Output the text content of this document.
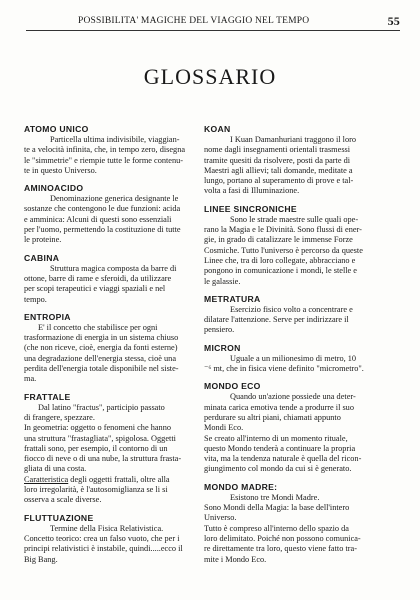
POSSIBILITA' MAGICHE DEL VIAGGIO NEL TEMPO	55
GLOSSARIO
ATOMO UNICO
Particella ultima indivisibile, viaggian-
te a velocità infinita, che, in tempo zero, disegna
le "simmetrie" e riempie tutte le forme contenu-
te in questo Universo.
AMINOACIDO
Denominazione generica designante le
sostanze che contengono le due funzioni: acida
e amminica: Alcuni di questi sono essenziali
per l'uomo, permettendo la costituzione di tutte
le proteine.
CABINA
Struttura magica composta da barre di
ottone, barre di rame e sferoidi, da utilizzare
per scopi terapeutici e viaggi spaziali e nel
tempo.
ENTROPIA
E' il concetto che stabilisce per ogni
trasformazione di energia in un sistema chiuso
(che non riceve, cioè, energia da fonti esterne)
una degradazione dell'energia stessa, cioè una
perdita dell'energia totale disponibile nel siste-
ma.
FRATTALE
Dal latino "fractus", participio passato
di frangere, spezzare.
In geometria: oggetto o fenomeni che hanno
una struttura "frastagliata", spigolosa. Oggetti
frattali sono, per esempio, il contorno di un
fiocco di neve o di una nube, la struttura frasta-
gliata di una costa.
Caratteristica degli oggetti frattali, oltre alla
loro irregolarità, è l'autosomiglianza se li si
osserva a scale diverse.
FLUTTUAZIONE
Termine della Fisica Relativistica.
Concetto teorico: crea un falso vuoto, che per i
principi relativistici è instabile, quindi.....ecco il
Big Bang.
KOAN
I Kuan Damanhuriani traggono il loro
nome dagli insegnamenti orientali trasmessi
tramite quesiti da risolvere, posti da parte di
Maestri agli allievi; tali domande, meditate a
lungo, portano al superamento di prove e tal-
volta a fasi di Illuminazione.
LINEE SINCRONICHE
Sono le strade maestre sulle quali ope-
rano la Magia e le Divinità. Sono flussi di ener-
gie, in grado di catalizzare le immense Forze
Cosmiche. Tutto l'universo è percorso da queste
Linee che, tra di loro collegate, abbracciano e
pongono in comunicazione i mondi, le stelle e
le galassie.
METRATURA
Esercizio fisico volto a concentrare e
dilatare l'attenzione. Serve per indirizzare il
pensiero.
MICRON
Uguale a un milionesimo di metro, 10
⁻⁶ mt, che in fisica viene definito "micrometro".
MONDO ECO
Quando un'azione possiede una deter-
minata carica emotiva tende a produrre il suo
perdurare su altri piani, chiamati appunto
Mondi Eco.
Se creato all'interno di un momento rituale,
questo Mondo tenderà a continuare la propria
vita, ma la tendenza naturale è quella del ricon-
giungimento col mondo da cui si è generato.
MONDO MADRE:
Esistono tre Mondi Madre.
Sono Mondi della Magia: la base dell'intero
Universo.
Tutto è compreso all'interno dello spazio da
loro delimitato. Poiché non possono comunica-
re direttamente tra loro, questo viene fatto tra-
mite i Mondo Eco.
